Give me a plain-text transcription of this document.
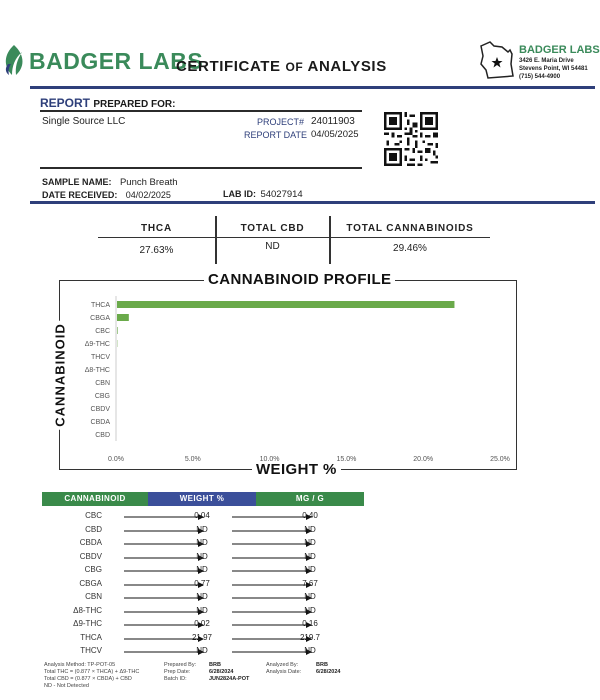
BADGER LABS
CERTIFICATE OF ANALYSIS
BADGER LABS
3426 E. Maria Drive
Stevens Point, WI 54481
(715) 544-4900
REPORT PREPARED FOR:
Single Source LLC	PROJECT# 24011903
REPORT DATE 04/05/2025
SAMPLE NAME: Punch Breath
DATE RECEIVED: 04/02/2025	LAB ID: 54027914
THCA	TOTAL CBD	TOTAL CANNABINOIDS
27.63%	ND	29.46%
CANNABINOID PROFILE
WEIGHT %
CANNABINOID
THCA
CBGA
CBC
Δ9-THC
THCV
Δ8-THC
CBN
CBG
CBDV
CBDA
CBD
0.0%	5.0%	10.0%	15.0%	20.0%	25.0%
CANNABINOID	WEIGHT %	MG / G
CBC	0.04	0.40
CBD	ND	ND
CBDA	ND	ND
CBDV	ND	ND
CBG	ND	ND
CBGA	0.77	7.67
CBN	ND	ND
Δ8-THC	ND	ND
Δ9-THC	0.02	0.16
THCA	21.97	219.7
THCV	ND	ND
Analysis Method: TP-POT-05
Total THC = (0.877 × THCA) + Δ9-THC
Total CBD = (0.877 × CBDA) + CBD
ND - Not Detected
Prepared By: BRB
Prep Date:	6/28/2024
Batch ID:	JUN2824A-POT
Analyzed By:	BRB
Analysis Date:	6/28/2024
